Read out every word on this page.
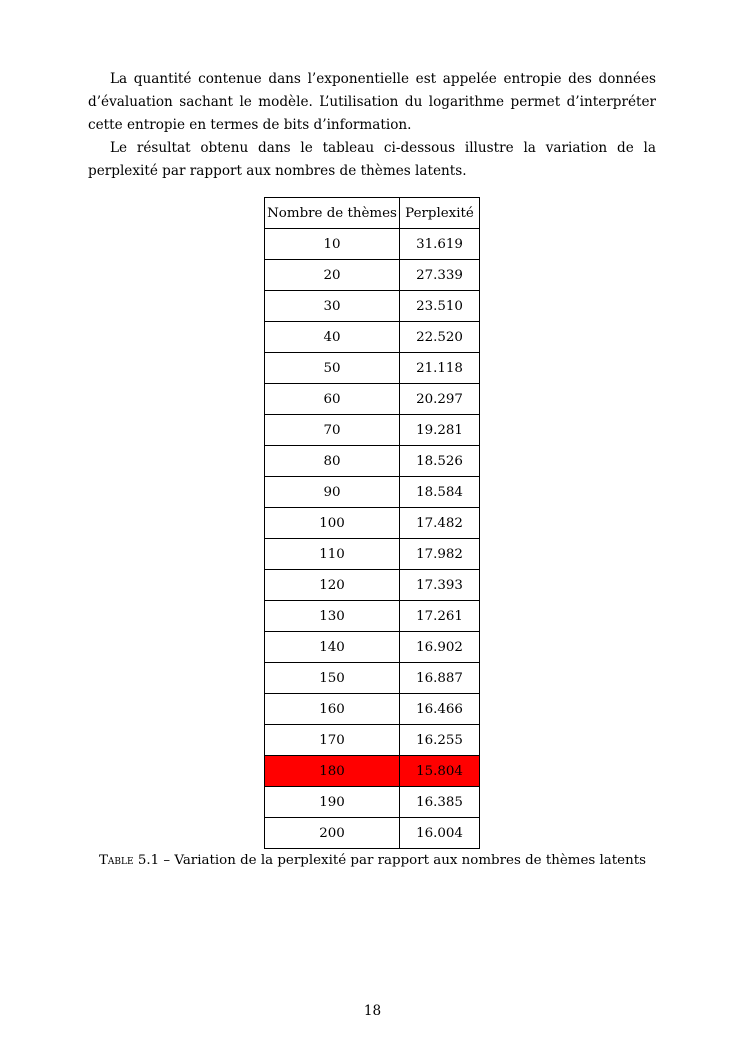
La quantité contenue dans l’exponentielle est appelée entropie des données d’évaluation sachant le modèle. L’utilisation du logarithme permet d’interpréter cette entropie en termes de bits d’information.

Le résultat obtenu dans le tableau ci-dessous illustre la variation de la perplexité par rapport aux nombres de thèmes latents.

Nombre de thèmes	Perplexité
10	31.619
20	27.339
30	23.510
40	22.520
50	21.118
60	20.297
70	19.281
80	18.526
90	18.584
100	17.482
110	17.982
120	17.393
130	17.261
140	16.902
150	16.887
160	16.466
170	16.255
180	15.804
190	16.385
200	16.004
Table 5.1 – Variation de la perplexité par rapport aux nombres de thèmes latents
18
